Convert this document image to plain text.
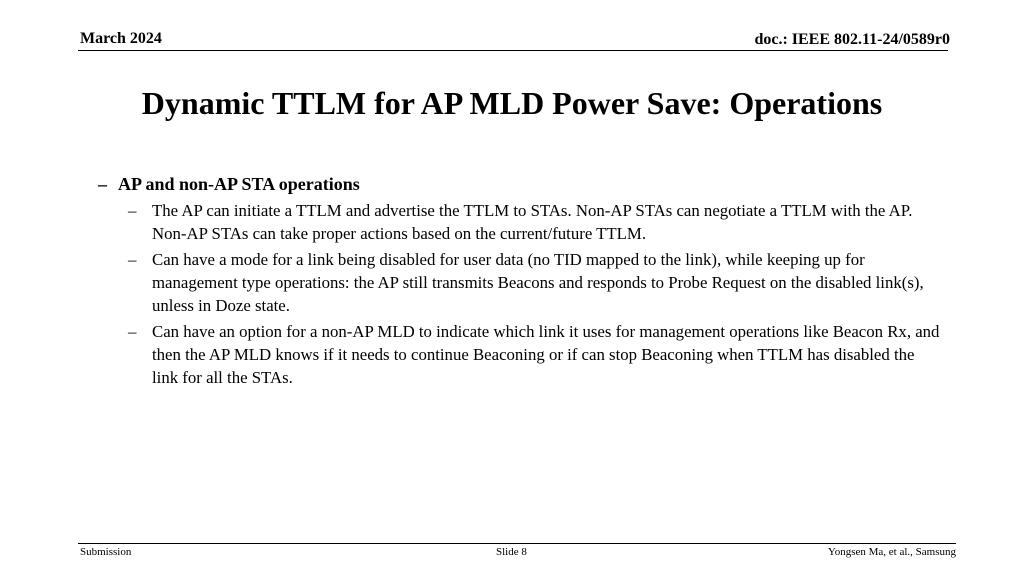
March 2024	doc.: IEEE 802.11-24/0589r0
Dynamic TTLM for AP MLD Power Save: Operations
– AP and non-AP STA operations
– The AP can initiate a TTLM and advertise the TTLM to STAs. Non-AP STAs can negotiate a TTLM with the AP. Non-AP STAs can take proper actions based on the current/future TTLM.
– Can have a mode for a link being disabled for user data (no TID mapped to the link), while keeping up for management type operations: the AP still transmits Beacons and responds to Probe Request on the disabled link(s), unless in Doze state.
– Can have an option for a non-AP MLD to indicate which link it uses for management operations like Beacon Rx, and then the AP MLD knows if it needs to continue Beaconing or if can stop Beaconing when TTLM has disabled the link for all the STAs.
Submission	Slide 8	Yongsen Ma, et al., Samsung
